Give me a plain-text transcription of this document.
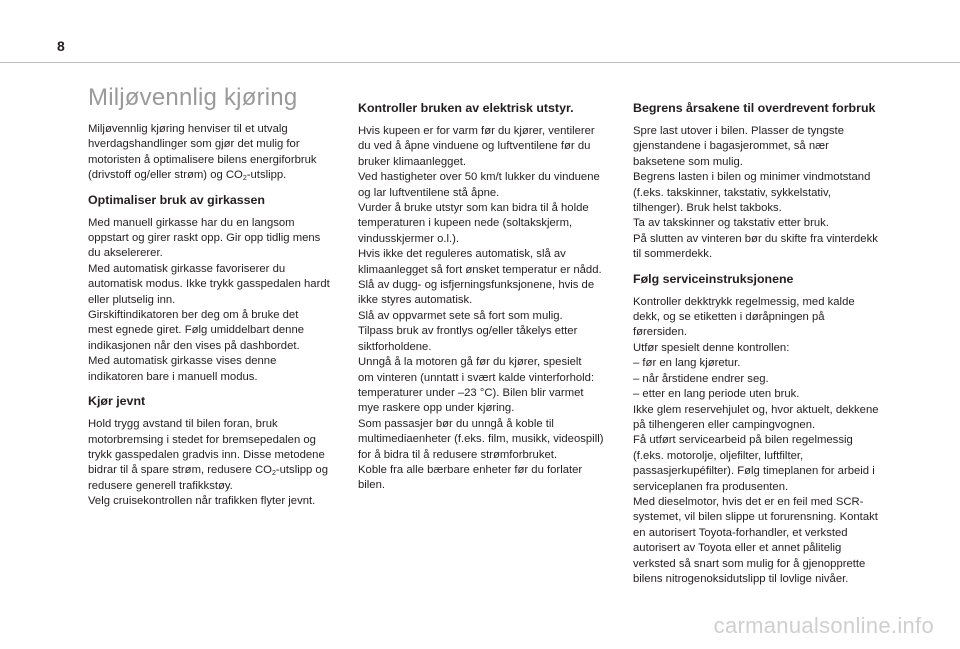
8
Miljøvennlig kjøring

Miljøvennlig kjøring henviser til et utvalg
hverdagshandlinger som gjør det mulig for
motoristen å optimalisere bilens energiforbruk
(drivstoff og/eller strøm) og $CO_2$-utslipp.

Optimaliser bruk av girkassen

Med manuell girkasse har du en langsom
oppstart og girer raskt opp. Gir opp tidlig mens
du akselererer.
Med automatisk girkasse favoriserer du
automatisk modus. Ikke trykk gasspedalen hardt
eller plutselig inn.
Girskiftindikatoren ber deg om å bruke det
mest egnede giret. Følg umiddelbart denne
indikasjonen når den vises på dashbordet.
Med automatisk girkasse vises denne
indikatoren bare i manuell modus.

Kjør jevnt

Hold trygg avstand til bilen foran, bruk
motorbremsing i stedet for bremsepedalen og
trykk gasspedalen gradvis inn. Disse metodene
bidrar til å spare strøm, redusere $CO_2$-utslipp og
redusere generell trafikkstøy.
Velg cruisekontrollen når trafikken flyter jevnt.

Kontroller bruken av elektrisk utstyr.

Hvis kupeen er for varm før du kjører, ventilerer
du ved å åpne vinduene og luftventilene før du
bruker klimaanlegget.
Ved hastigheter over 50 km/t lukker du vinduene
og lar luftventilene stå åpne.
Vurder å bruke utstyr som kan bidra til å holde
temperaturen i kupeen nede (soltakskjerm,
vindusskjermer o.l.).
Hvis ikke det reguleres automatisk, slå av
klimaanlegget så fort ønsket temperatur er nådd.
Slå av dugg- og isfjerningsfunksjonene, hvis de
ikke styres automatisk.
Slå av oppvarmet sete så fort som mulig.
Tilpass bruk av frontlys og/eller tåkelys etter
siktforholdene.
Unngå å la motoren gå før du kjører, spesielt
om vinteren (unntatt i svært kalde vinterforhold:
temperaturer under –23 °C). Bilen blir varmet
mye raskere opp under kjøring.
Som passasjer bør du unngå å koble til
multimediaenheter (f.eks. film, musikk, videospill)
for å bidra til å redusere strømforbruket.
Koble fra alle bærbare enheter før du forlater
bilen.

Begrens årsakene til overdrevent forbruk

Spre last utover i bilen. Plasser de tyngste
gjenstandene i bagasjerommet, så nær
baksetene som mulig.
Begrens lasten i bilen og minimer vindmotstand
(f.eks. takskinner, takstativ, sykkelstativ,
tilhenger). Bruk helst takboks.
Ta av takskinner og takstativ etter bruk.
På slutten av vinteren bør du skifte fra vinterdekk
til sommerdekk.

Følg serviceinstruksjonene

Kontroller dekktrykk regelmessig, med kalde
dekk, og se etiketten i døråpningen på
førersiden.
Utfør spesielt denne kontrollen:
– før en lang kjøretur.
– når årstidene endrer seg.
– etter en lang periode uten bruk.
Ikke glem reservehjulet og, hvor aktuelt, dekkene
på tilhengeren eller campingvognen.
Få utført servicearbeid på bilen regelmessig
(f.eks. motorolje, oljefilter, luftfilter,
passasjerkupéfilter). Følg timeplanen for arbeid i
serviceplanen fra produsenten.
Med dieselmotor, hvis det er en feil med SCR-
systemet, vil bilen slippe ut forurensning. Kontakt
en autorisert Toyota-forhandler, et verksted
autorisert av Toyota eller et annet pålitelig
verksted så snart som mulig for å gjenopprette
bilens nitrogenoksidutslipp til lovlige nivåer.

carmanualsonline.info
